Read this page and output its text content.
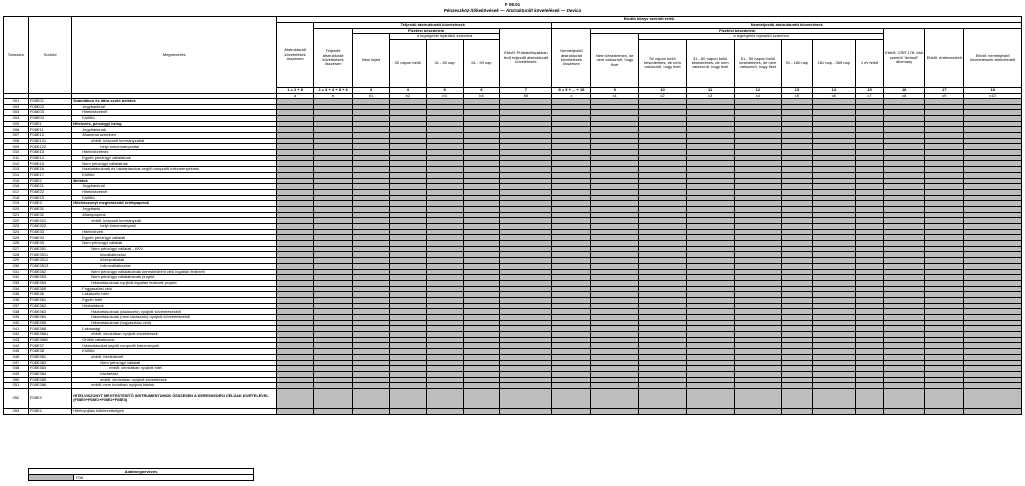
F 08.01
Pénzeszköz-/tőkekövések — Átstrukturált követelések — Devica
Sorszám	Sorkód	Megnevezés	Bruttó könyv szerinti érték																	
			Átstrukturált követelések összesen	Teljesítő átstrukturált követelések						Nemteljesítő átstrukturált követelések										
				Teljesítő átstrukturált követelések összesen	Fizetési késedelem				Ebből: Próbaidőszakban lévő teljesítő átstrukturált követelések	Nemteljesítő átstrukturált követelések összesen	Fizetési késedelem							Ebből: CRR 178. cikk szerinti "default" állomány	Ebből: értékvesztett	Ebből: nemteljesítő követelésnek átminősített
					Nem lejárt	a legrégebbi lejárattól számítva					Nem késedelmes, de nem valószínű, hogy fizet	a legrégebbi lejárattól számítva								
						30 napon belül	31 - 60 nap	61 - 90 nap				30 napon belül késedelmes, de nem valószínű, hogy fizet	31 - 60 napon belül késedelmes, de nem valószínű, hogy fizet	61 - 90 napon belül késedelmes, de nem valószínű, hogy fizet	91 - 180 nap	181 nap - 365 nap	1 év felett			
			1 = 2 + 8	2 = 3 + 4 + 5 + 6	3	4	5	6	7	8 = 9 + ... + 15	9	10	11	12	13	14	15	16	17	18
			a	b	b1	b2	b3	b4	b5	c	c1	c2	c3	c4	c5	c6	c7	c8	c9	c10
001	F08E01	Számlákon és látra szóló betétek																		
002	F08E02	Jegybanknál																		
003	F08E03	Hitelintézetnél																		
004	F08E04	Külföld																		
005	F08E1	Hitelezés, pénzügyi lízing																		
006	F08E11	Jegybanknak																		
007	F08E12	Állammal szemben																		
008	F08E121	ebből: központi kormányzattal																		
009	F08E122	helyi önkormányzattal																		
010	F08E13	Hitelintézetnek																		
011	F08E14	Egyéb pénzügyi vállalatnak																		
012	F08E15	Nem pénzügyi vállalatnak																		
013	F08E16	Háztartásoknak és háztartásokat segítő nonprofit intézményeknek																		
014	F08E17	Külföld																		
015	F08E2	Betétek																		
016	F08E21	Jegybanknál																		
017	F08E22	Hitelintézetnél																		
018	F08E23	Külföld																		
019	F08E3	Hitelviszonyt megtestesítő értékpapírok																		
020	F08E31	Jegybanki																		
021	F08E32	Állampapírok																		
022	F08E321	ebből: központi kormányzati																		
023	F08E322	helyi önkormányzati																		
024	F08E33	Hitelintézeti																		
025	F08E34	Egyéb pénzügyi vállalati																		
026	F08E35	Nem pénzügyi vállalati																		
027	F08E351	Nem pénzügyi vállalati - KKV																		
028	F08E3511	kisvállalkozási																		
029	F08E3512	középvállalati																		
030	F08E3513	mikrovállalkozási																		
031	F08E352	Nem pénzügyi vállalatoknak kereskedelmi célú ingatlan fedezett																		
032	F08E353	Nem pénzügyi vállalatoknak projekt																		
033	F08E354	Háztartásoknak nyújtott ingatlan fedezett projekt																		
034	F08E355	Fogyasztási célú																		
035	F08E36	Lakáscélú hitel																		
036	F08E361	Egyéb hitel																		
037	F08E362	Háztartások																		
038	F08E363	Háztartásoknak (lakáscélú) nyújtott követelésekből																		
039	F08E364	Háztartásoknak (nem lakáscélú) nyújtott követelésekből																		
040	F08E365	Háztartásoknak (fogyasztási célú)																		
041	F08E366	Lakossági																		
042	F08E3661	ebből: devizában nyújtott követelések																		
043	F08E3662	Önálló vállalkozók																		
044	F08E37	Háztartásokat segítő nonprofit intézmények																		
045	F08E38	Külföld																		
046	F08E381	ebből: hitelintézeti																		
047	F08E382	Nem pénzügyi vállalati																		
048	F08E383	ebből: devizában nyújtott hitel																		
049	F08E384	háztartási																		
050	F08E385	ebből: devizában nyújtott követelések																		
051	F08E386	ebből: nem forintban nyújtott hitelek																		
052	F08E3	HITELVISZONYT MEGTESTESÍTŐ INSTRUMENTUMOK ÖSSZESEN A KERESKEDÉSI CÉLÚAK KIVÉTELÉVEL (F08E0+F08E1+F08E2+F08E3)																		
053	F08E4	Hitelnyújtási kötelezettségek																		
Adatmegnevezés
	F08
